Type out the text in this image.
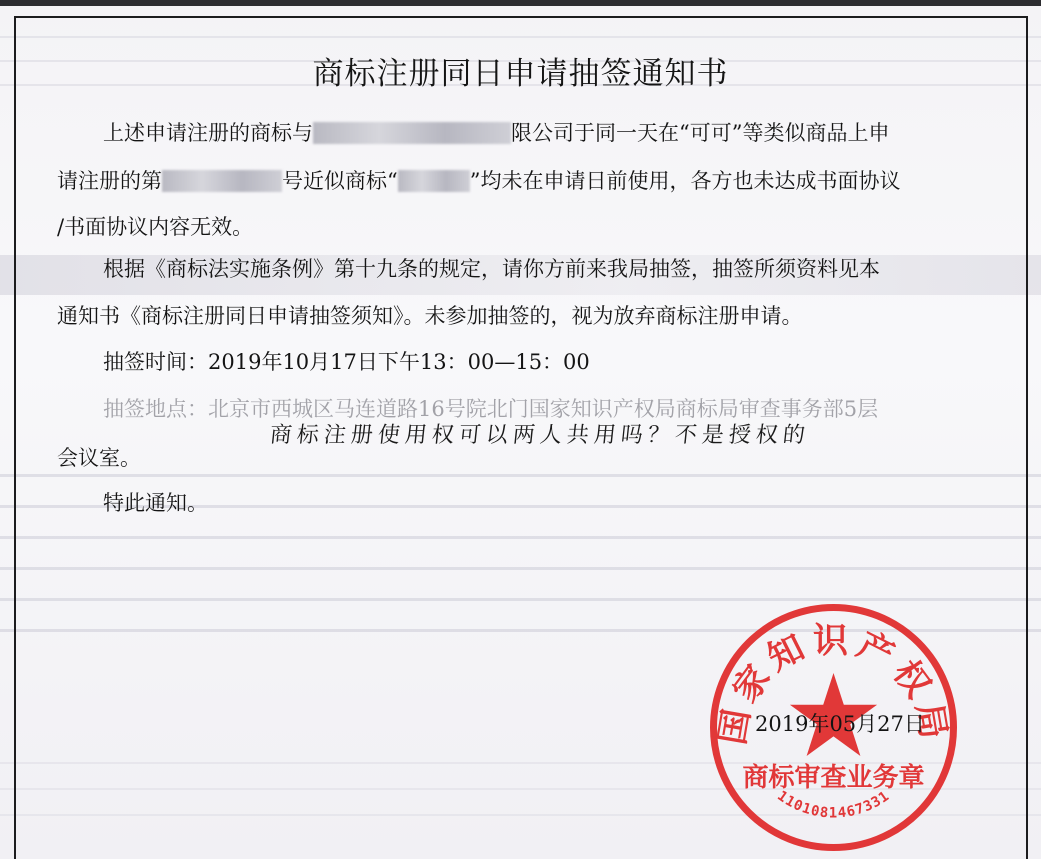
商标注册同日申请抽签通知书
上述申请注册的商标与	限公司于同一天在“可可”等类似商品上申
请注册的第	号近似商标“	”均未在申请日前使用，各方也未达成书面协议
/书面协议内容无效。
根据《商标法实施条例》第十九条的规定，请你方前来我局抽签，抽签所须资料见本
通知书《商标注册同日申请抽签须知》。未参加抽签的，视为放弃商标注册申请。
抽签时间：2019年10月17日下午13：00—15：00
抽签地点：北京市西城区马连道路16号院北门国家知识产权局商标局审查事务部5层
会议室。
特此通知。
商标注册使用权可以两人共用吗？不是授权的
国家知识产权局
商标审查业务章
1101081467331
2019年05月27日
